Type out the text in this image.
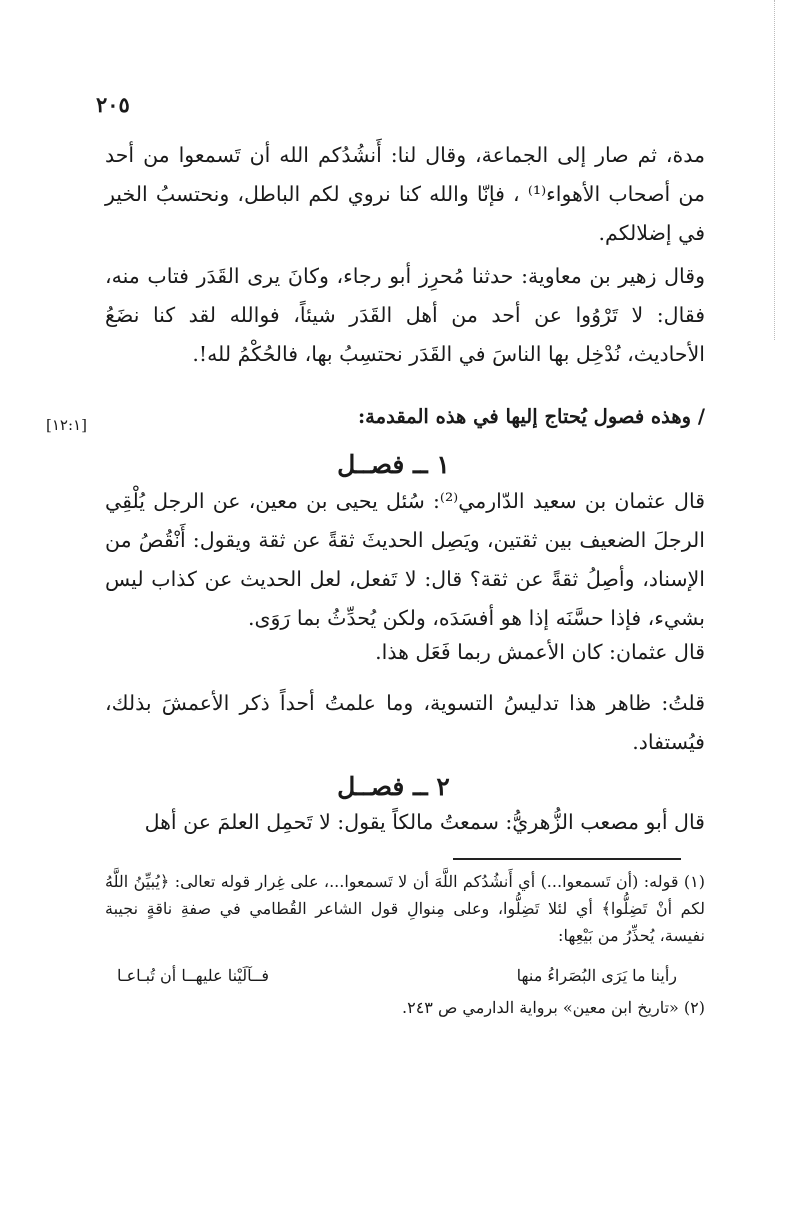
٢٠٥

مدة، ثم صار إلى الجماعة، وقال لنا: أَنشُدُكم الله أن تَسمعوا من أحد من أصحاب الأهواء⁽¹⁾ ، فإنّا والله كنا نروي لكم الباطل، ونحتسبُ الخير في إضلالكم.

وقال زهير بن معاوية: حدثنا مُحرِز أبو رجاء، وكانَ يرى القَدَر فتاب منه، فقال: لا تَرْوُوا عن أحد من أهل القَدَر شيئاً، فوالله لقد كنا نضَعُ الأحاديث، نُدْخِل بها الناسَ في القَدَر نحتسِبُ بها، فالحُكْمُ لله!.

/ وهذه فصول يُحتاج إليها في هذه المقدمة:

[١٢:١]
١ ــ فصــل

قال عثمان بن سعيد الدّارمي⁽²⁾: سُئل يحيى بن معين، عن الرجل يُلْقِي الرجلَ الضعيف بين ثقتين، ويَصِل الحديثَ ثقةً عن ثقة ويقول: أَنْقُصُ من الإسناد، وأصِلُ ثقةً عن ثقة؟ قال: لا تَفعل، لعل الحديث عن كذاب ليس بشيء، فإذا حسَّنَه إذا هو أفسَدَه، ولكن يُحدِّثُ بما رَوَى.

قال عثمان: كان الأعمش ربما فَعَل هذا.

قلتُ: ظاهر هذا تدليسُ التسوية، وما علمتُ أحداً ذكر الأعمشَ بذلك، فيُستفاد.

٢ ــ فصــل

قال أبو مصعب الزُّهريُّ: سمعتُ مالكاً يقول: لا تَحمِل العلمَ عن أهل

(١) قوله: (أن تَسمعوا...) أي أَنشُدُكم اللَّهَ أن لا تَسمعوا...، على غِرار قوله تعالى: ﴿يُبيِّنُ اللَّهُ لكم أنْ تَضِلُّوا﴾ أي لئلا تَضِلُّوا، وعلى مِنوالِ قول الشاعر القُطامي في صفةِ ناقةٍ نجيبة نفيسة، يُحذِّرُ من بَيْعِها:

رأينا ما يَرَى البُصَراءُ منها
فــآلَيْنا عليهــا أن تُبـاعـا

(٢) «تاريخ ابن معين» برواية الدارمي ص ٢٤٣.
